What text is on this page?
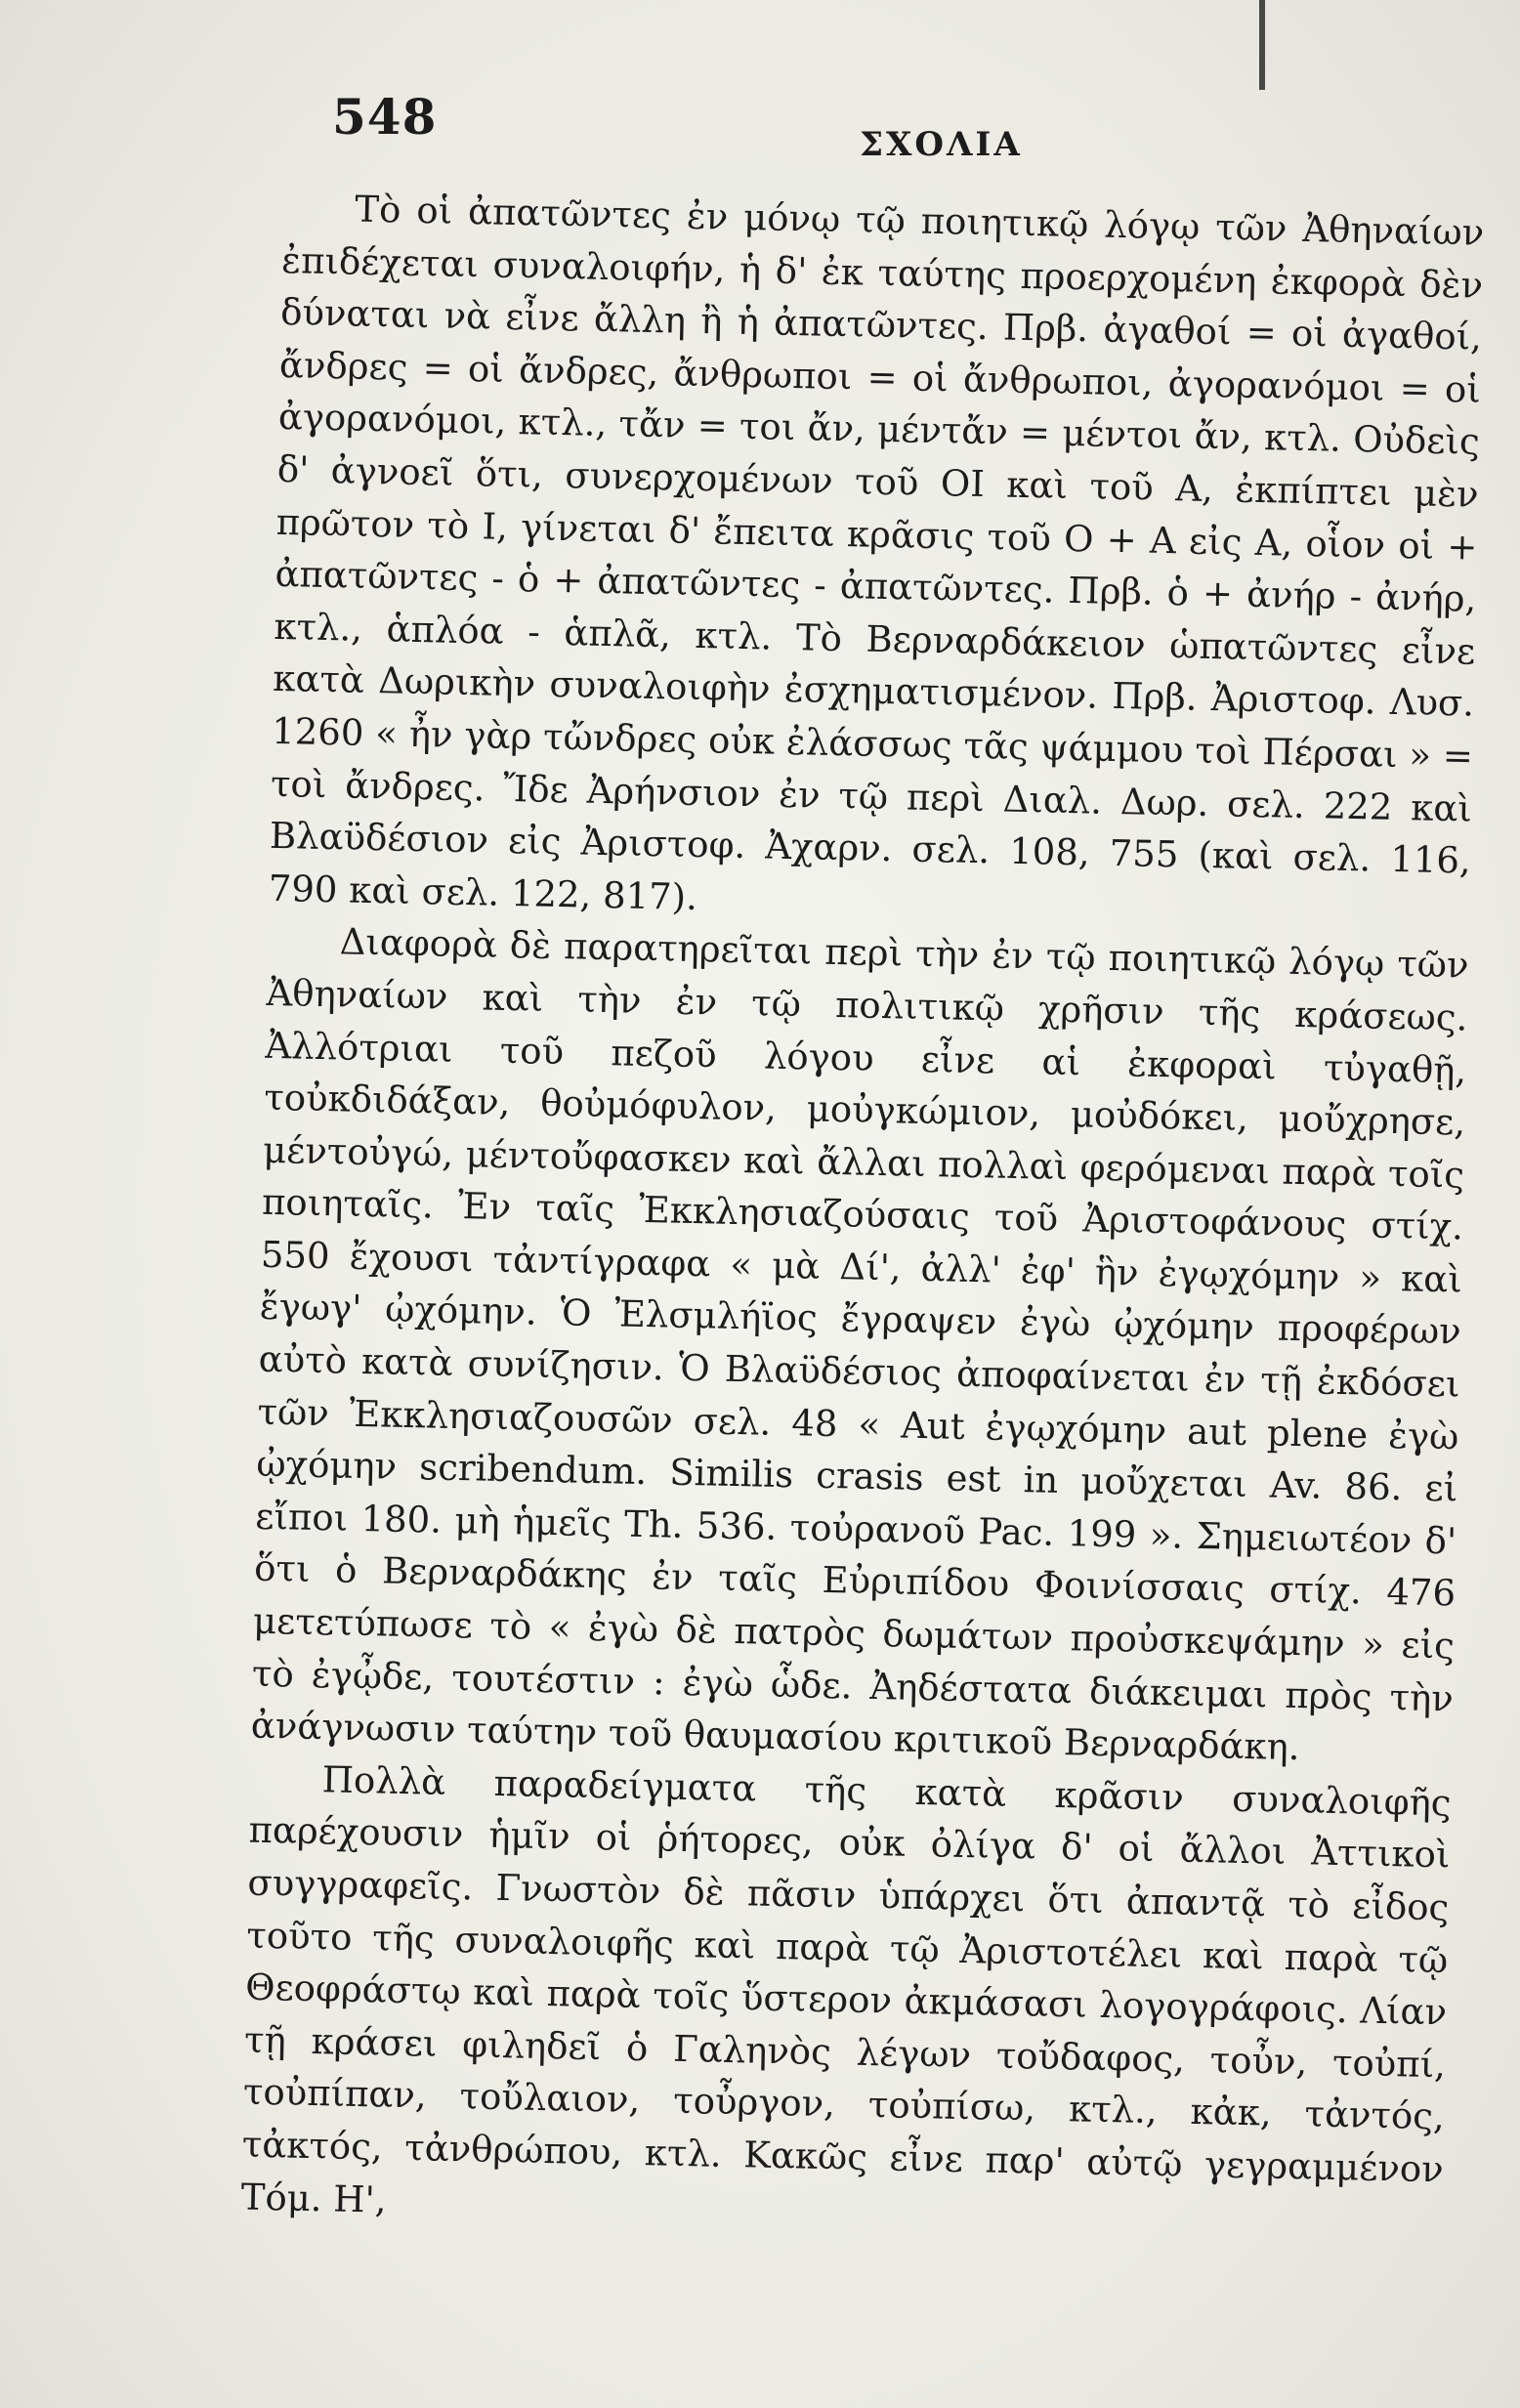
548	ΣΧΟΛΙΑ

Τὸ οἱ ἀπατῶντες ἐν μόνῳ τῷ ποιητικῷ λόγῳ τῶν Ἀθηναίων ἐπιδέχεται συναλοιφήν, ἡ δ' ἐκ ταύτης προερχομένη ἐκφορὰ δὲν δύναται νὰ εἶνε ἄλλη ἢ ἡ ἀπατῶντες. Πρβ. ἀγαθοί = οἱ ἀγαθοί, ἄνδρες = οἱ ἄνδρες, ἄνθρωποι = οἱ ἄνθρωποι, ἀγορανόμοι = οἱ ἀγορανόμοι, κτλ., τἄν = τοι ἄν, μέντἄν = μέντοι ἄν, κτλ. Οὐδεὶς δ' ἀγνοεῖ ὅτι, συνερχομένων τοῦ ΟΙ καὶ τοῦ Α, ἐκπίπτει μὲν πρῶτον τὸ Ι, γίνεται δ' ἔπειτα κρᾶσις τοῦ Ο + Α εἰς Α, οἷον οἱ + ἀπατῶντες - ὁ + ἀπατῶντες - ἀπατῶντες. Πρβ. ὁ + ἀνήρ - ἀνήρ, κτλ., ἁπλόα - ἁπλᾶ, κτλ. Τὸ Βερναρδάκειον ὡπατῶντες εἶνε κατὰ Δωρικὴν συναλοιφὴν ἐσχηματισμένον. Πρβ. Ἀριστοφ. Λυσ. 1260 « ἦν γὰρ τὤνδρες οὐκ ἐλάσσως τᾶς ψάμμου τοὶ Πέρσαι » = τοὶ ἄνδρες. Ἴδε Ἀρήνσιον ἐν τῷ περὶ Διαλ. Δωρ. σελ. 222 καὶ Βλαϋδέσιον εἰς Ἀριστοφ. Ἀχαρν. σελ. 108, 755 (καὶ σελ. 116, 790 καὶ σελ. 122, 817).

Διαφορὰ δὲ παρατηρεῖται περὶ τὴν ἐν τῷ ποιητικῷ λόγῳ τῶν Ἀθηναίων καὶ τὴν ἐν τῷ πολιτικῷ χρῆσιν τῆς κράσεως. Ἀλλότριαι τοῦ πεζοῦ λόγου εἶνε αἱ ἐκφοραὶ τὐγαθῇ, τοὐκδιδάξαν, θοὐμόφυλον, μοὐγκώμιον, μοὐδόκει, μοὔχρησε, μέντοὐγώ, μέντοὔφασκεν καὶ ἄλλαι πολλαὶ φερόμεναι παρὰ τοῖς ποιηταῖς. Ἐν ταῖς Ἐκκλησιαζούσαις τοῦ Ἀριστοφάνους στίχ. 550 ἔχουσι τἀντίγραφα « μὰ Δί', ἀλλ' ἐφ' ἣν ἐγῳχόμην » καὶ ἔγωγ' ᾠχόμην. Ὁ Ἐλσμλήϊος ἔγραψεν ἐγὼ ᾠχόμην προφέρων αὐτὸ κατὰ συνίζησιν. Ὁ Βλαϋδέσιος ἀποφαίνεται ἐν τῇ ἐκδόσει τῶν Ἐκκλησιαζουσῶν σελ. 48 « Aut ἐγῳχόμην aut plene ἐγὼ ᾠχόμην scribendum. Similis crasis est in μοὔχεται Av. 86. εἰ εἴποι 180. μὴ ἡμεῖς Th. 536. τοὐρανοῦ Pac. 199 ». Σημειωτέον δ' ὅτι ὁ Βερναρδάκης ἐν ταῖς Εὐριπίδου Φοινίσσαις στίχ. 476 μετετύπωσε τὸ « ἐγὼ δὲ πατρὸς δωμάτων προὐσκεψάμην » εἰς τὸ ἐγᾦδε, τουτέστιν : ἐγὼ ὧδε. Ἀηδέστατα διάκειμαι πρὸς τὴν ἀνάγνωσιν ταύτην τοῦ θαυμασίου κριτικοῦ Βερναρδάκη.

Πολλὰ παραδείγματα τῆς κατὰ κρᾶσιν συναλοιφῆς παρέχουσιν ἡμῖν οἱ ῥήτορες, οὐκ ὀλίγα δ' οἱ ἄλλοι Ἀττικοὶ συγγραφεῖς. Γνωστὸν δὲ πᾶσιν ὑπάρχει ὅτι ἀπαντᾷ τὸ εἶδος τοῦτο τῆς συναλοιφῆς καὶ παρὰ τῷ Ἀριστοτέλει καὶ παρὰ τῷ Θεοφράστῳ καὶ παρὰ τοῖς ὕστερον ἀκμάσασι λογογράφοις. Λίαν τῇ κράσει φιληδεῖ ὁ Γαληνὸς λέγων τοὔδαφος, τοὖν, τοὐπί, τοὐπίπαν, τοὔλαιον, τοὖργον, τοὐπίσω, κτλ., κἀκ, τἀντός, τἀκτός, τἀνθρώπου, κτλ. Κακῶς εἶνε παρ' αὐτῷ γεγραμμένον Τόμ. Η',
